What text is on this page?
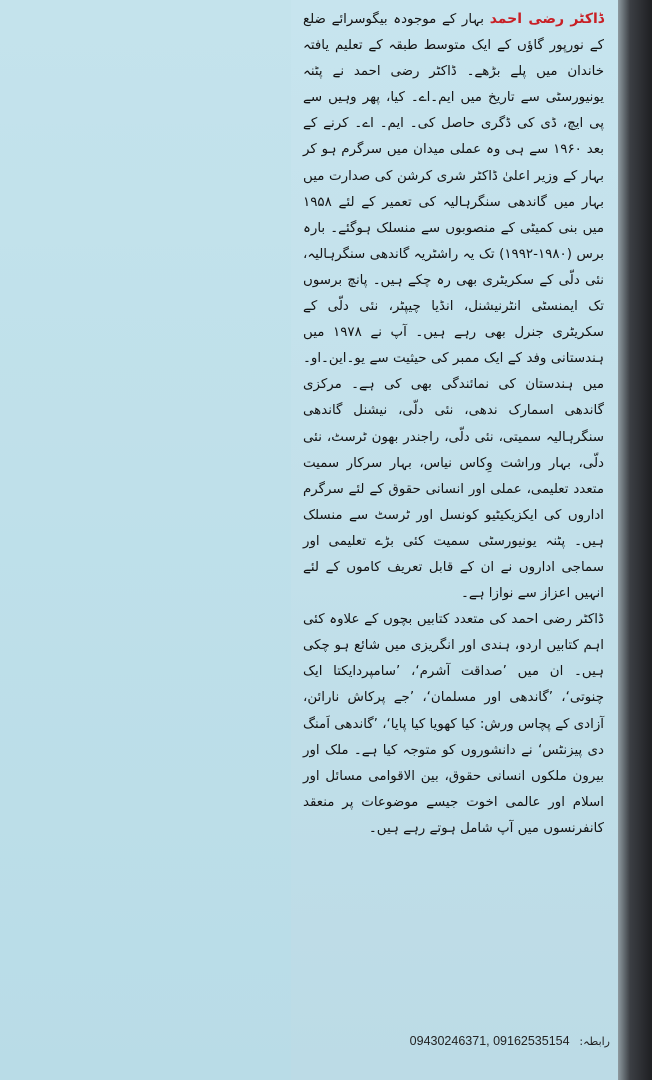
ڈاکٹر رضی احمد بہار کے موجودہ بیگوسرائے ضلع کے نورپور گاؤں کے ایک متوسط طبقہ کے تعلیم یافتہ خاندان میں پلے بڑھے۔ ڈاکٹر رضی احمد نے پٹنہ یونیورسٹی سے تاریخ میں ایم۔اے۔ کیا، پھر وہیں سے پی ایچ، ڈی کی ڈگری حاصل کی۔ ایم۔ اے۔ کرنے کے بعد ۱۹۶۰ سے ہی وہ عملی میدان میں سرگرم ہو کر بہار کے وزیر اعلیٰ ڈاکٹر شری کرشن کی صدارت میں بہار میں گاندھی سنگرہالیہ کی تعمیر کے لئے ۱۹۵۸ میں بنی کمیٹی کے منصوبوں سے منسلک ہوگئے۔ بارہ برس (۱۹۸۰-۱۹۹۲) تک یہ راشٹریہ گاندھی سنگرہالیہ، نئی دلّی کے سکریٹری بھی رہ چکے ہیں۔ پانچ برسوں تک ایمنسٹی انٹرنیشنل، انڈیا چیپٹر، نئی دلّی کے سکریٹری جنرل بھی رہے ہیں۔ آپ نے ۱۹۷۸ میں ہندستانی وفد کے ایک ممبر کی حیثیت سے یو۔این۔او۔ میں ہندستان کی نمائندگی بھی کی ہے۔ مرکزی گاندھی اسمارک ندھی، نئی دلّی، نیشنل گاندھی سنگرہالیہ سمیتی، نئی دلّی، راجندر بھون ٹرسٹ، نئی دلّی، بہار وراشت وِکاس نیاس، بہار سرکار سمیت متعدد تعلیمی، عملی اور انسانی حقوق کے لئے سرگرم اداروں کی ایکزیکیٹیو کونسل اور ٹرسٹ سے منسلک ہیں۔ پٹنہ یونیورسٹی سمیت کئی بڑے تعلیمی اور سماجی اداروں نے ان کے قابل تعریف کاموں کے لئے انہیں اعزاز سے نوازا ہے۔

ڈاکٹر رضی احمد کی متعدد کتابیں بچوں کے علاوہ کئی اہم کتابیں اردو، ہندی اور انگریزی میں شائع ہو چکی ہیں۔ ان میں ’صداقت آشرم‘، ’سامپردایکتا ایک چنوتی‘، ’گاندھی اور مسلمان‘، ’جے پرکاش نارائن، آزادی کے پچاس ورش: کیا کھویا کیا پایا‘، ’گاندھی اَمنگ دی پیزنٹس‘ نے دانشوروں کو متوجہ کیا ہے۔ ملک اور بیرون ملکوں انسانی حقوق، بین الاقوامی مسائل اور اسلام اور عالمی اخوت جیسے موضوعات پر منعقد کانفرنسوں میں آپ شامل ہوتے رہے ہیں۔

رابطہ: 09430246371, 09162535154
